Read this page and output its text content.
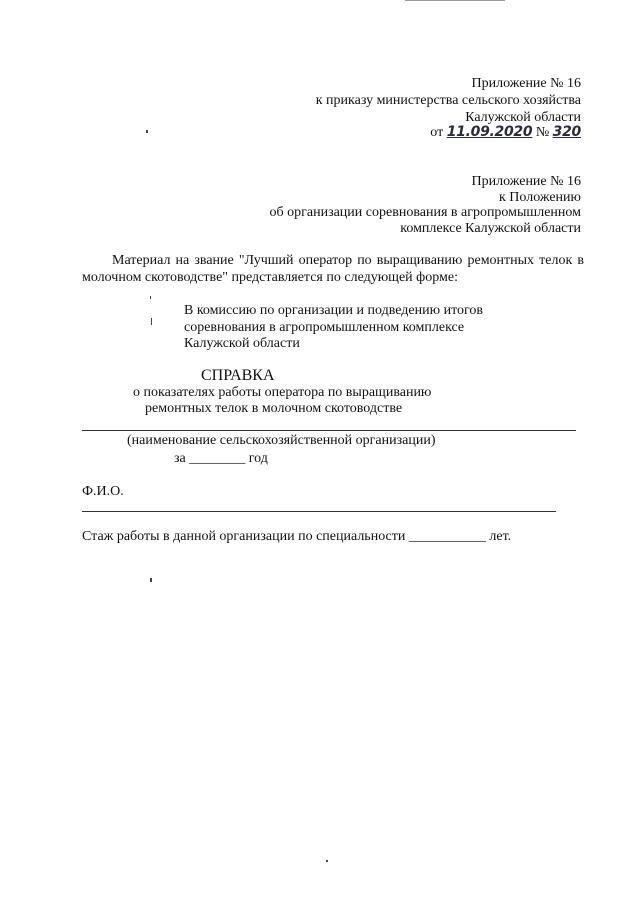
Приложение № 16
к приказу министерства сельского хозяйства
Калужской области
от 11.09.2020 № 320
Приложение № 16
к Положению
об организации соревнования в агропромышленном
комплексе Калужской области
Материал на звание "Лучший оператор по выращиванию ремонтных телок в
молочном скотоводстве" представляется по следующей форме:
В комиссию по организации и подведению итогов
соревнования в агропромышленном комплексе
Калужской области
СПРАВКА
о показателях работы оператора по выращиванию
ремонтных телок в молочном скотоводстве
(наименование сельскохозяйственной организации)
за ________ год
Ф.И.О.
Стаж работы в данной организации по специальности ___________ лет.
